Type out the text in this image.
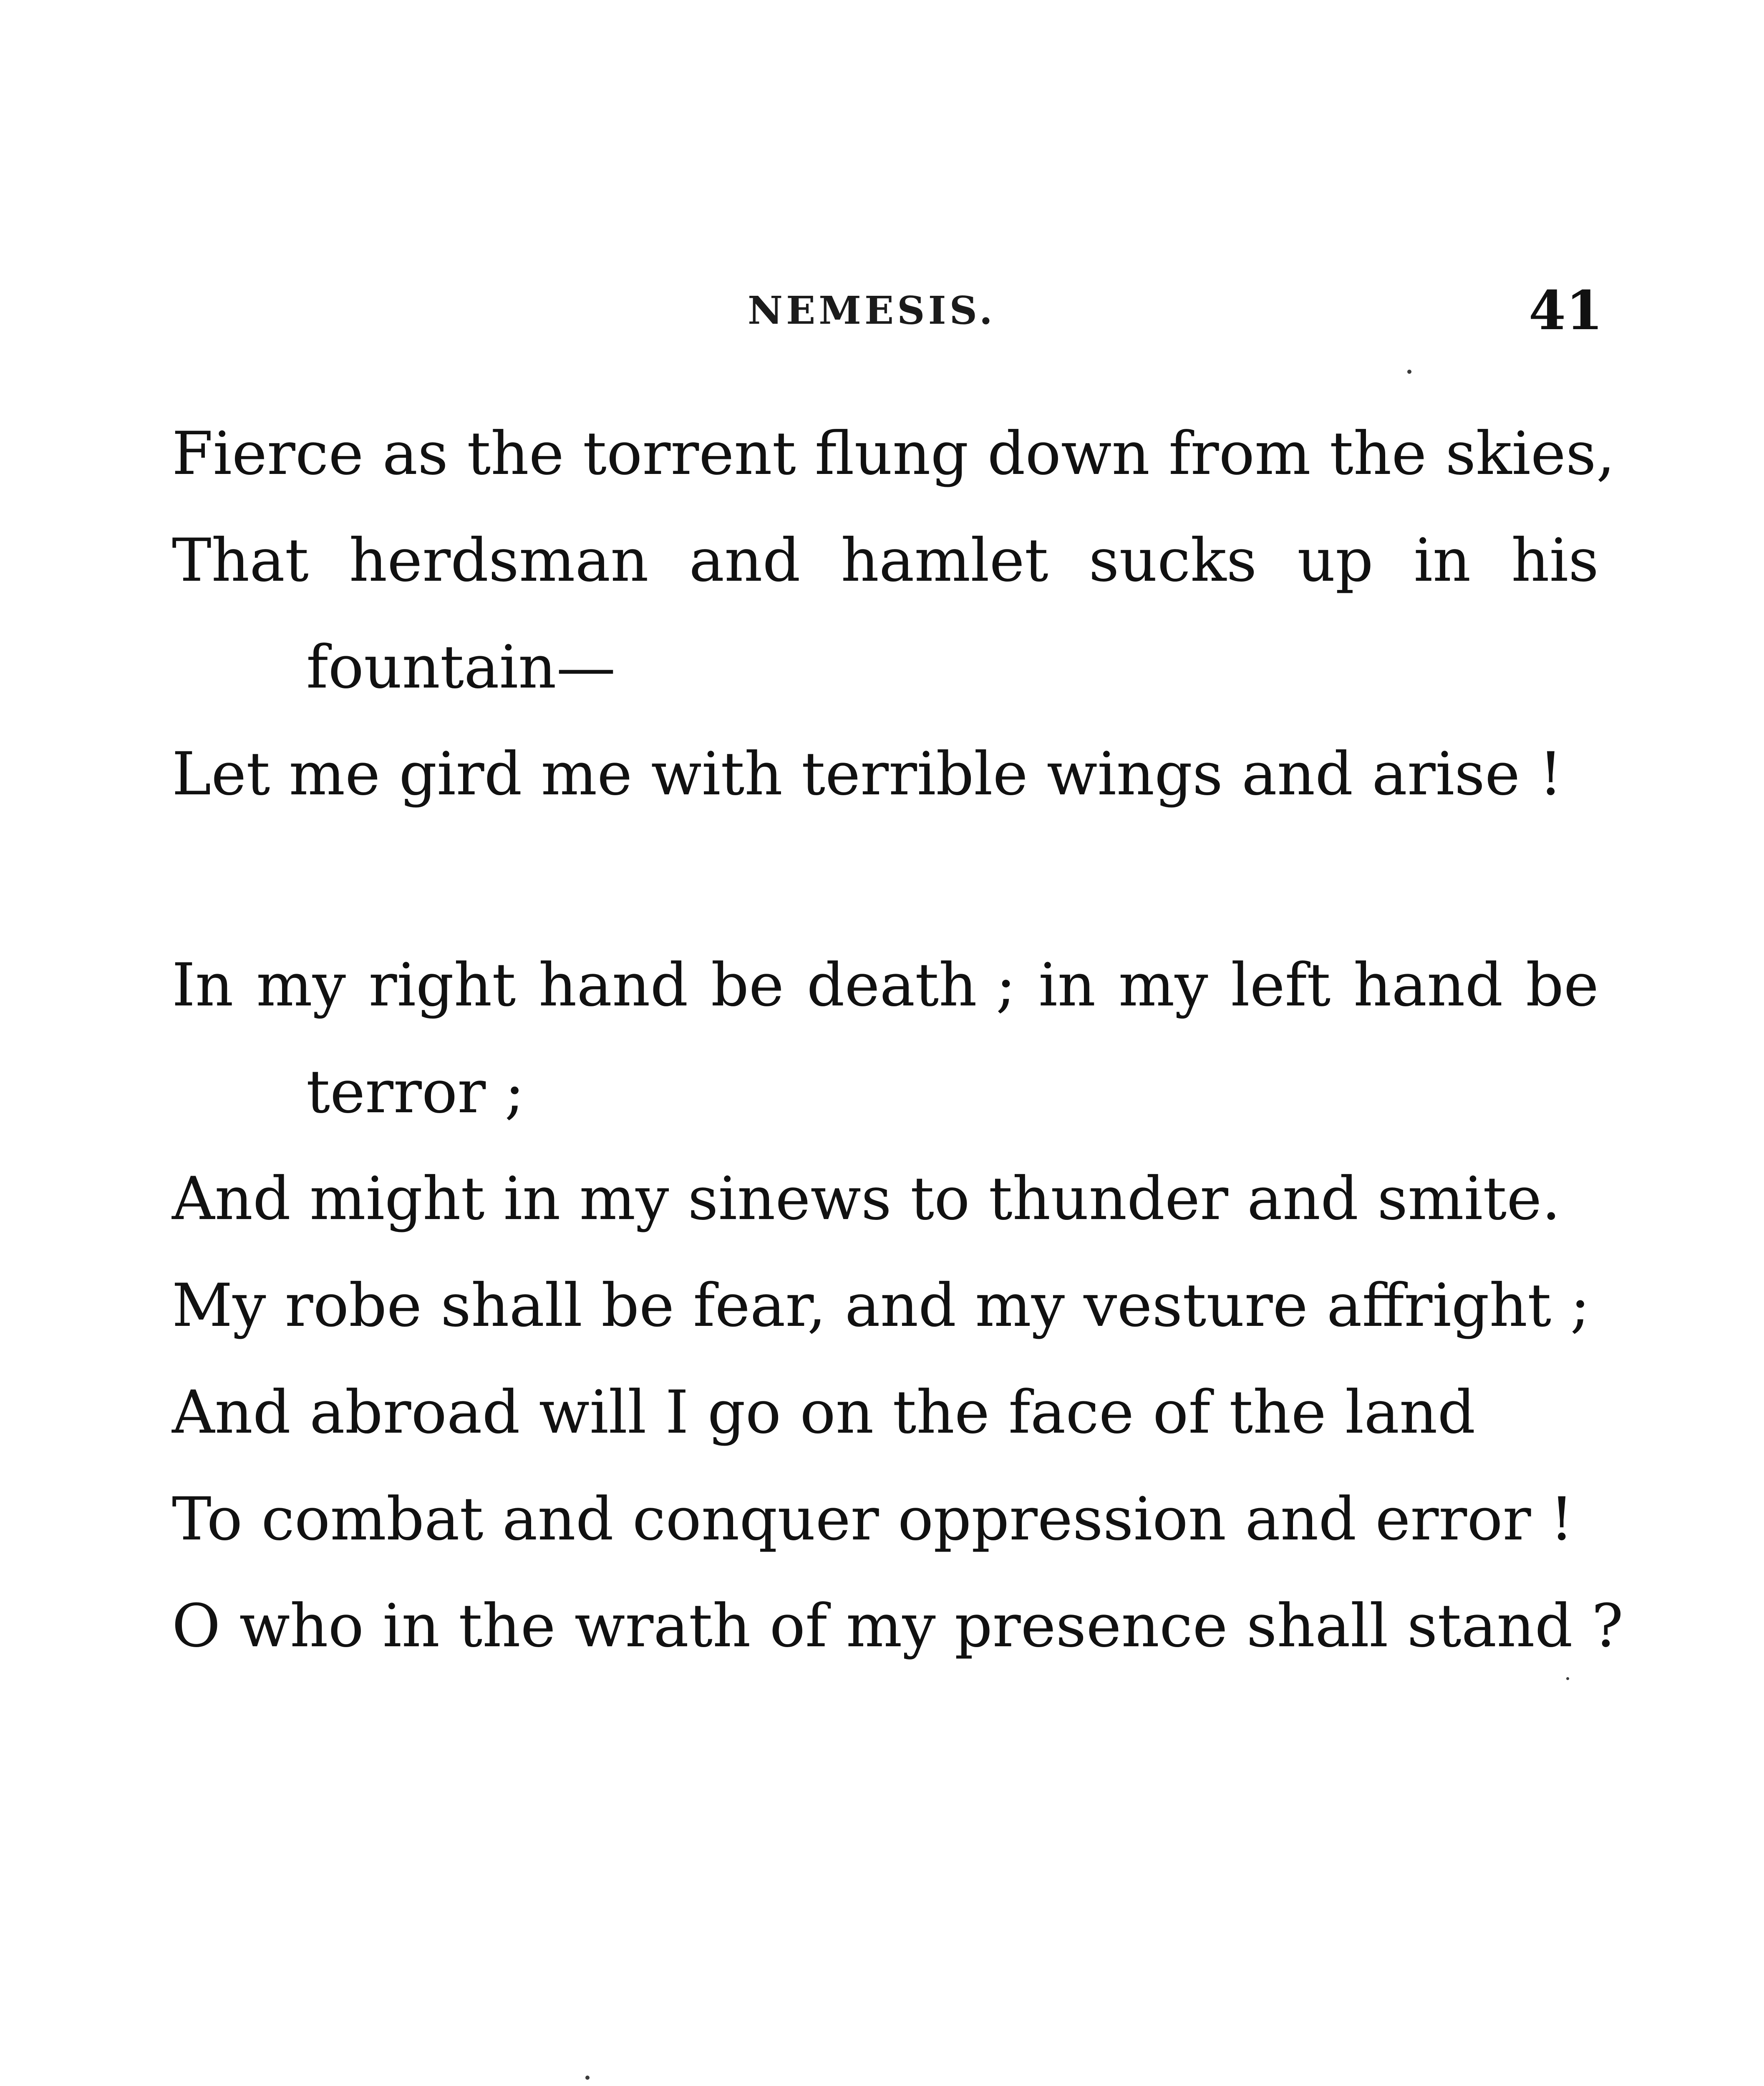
NEMESIS.	41
Fierce as the torrent flung down from the skies,
That herdsman and hamlet sucks up in his
fountain—
Let me gird me with terrible wings and arise !
In my right hand be death ; in my left hand be
terror ;
And might in my sinews to thunder and smite.
My robe shall be fear, and my vesture affright ;
And abroad will I go on the face of the land
To combat and conquer oppression and error !
O who in the wrath of my presence shall stand ?
